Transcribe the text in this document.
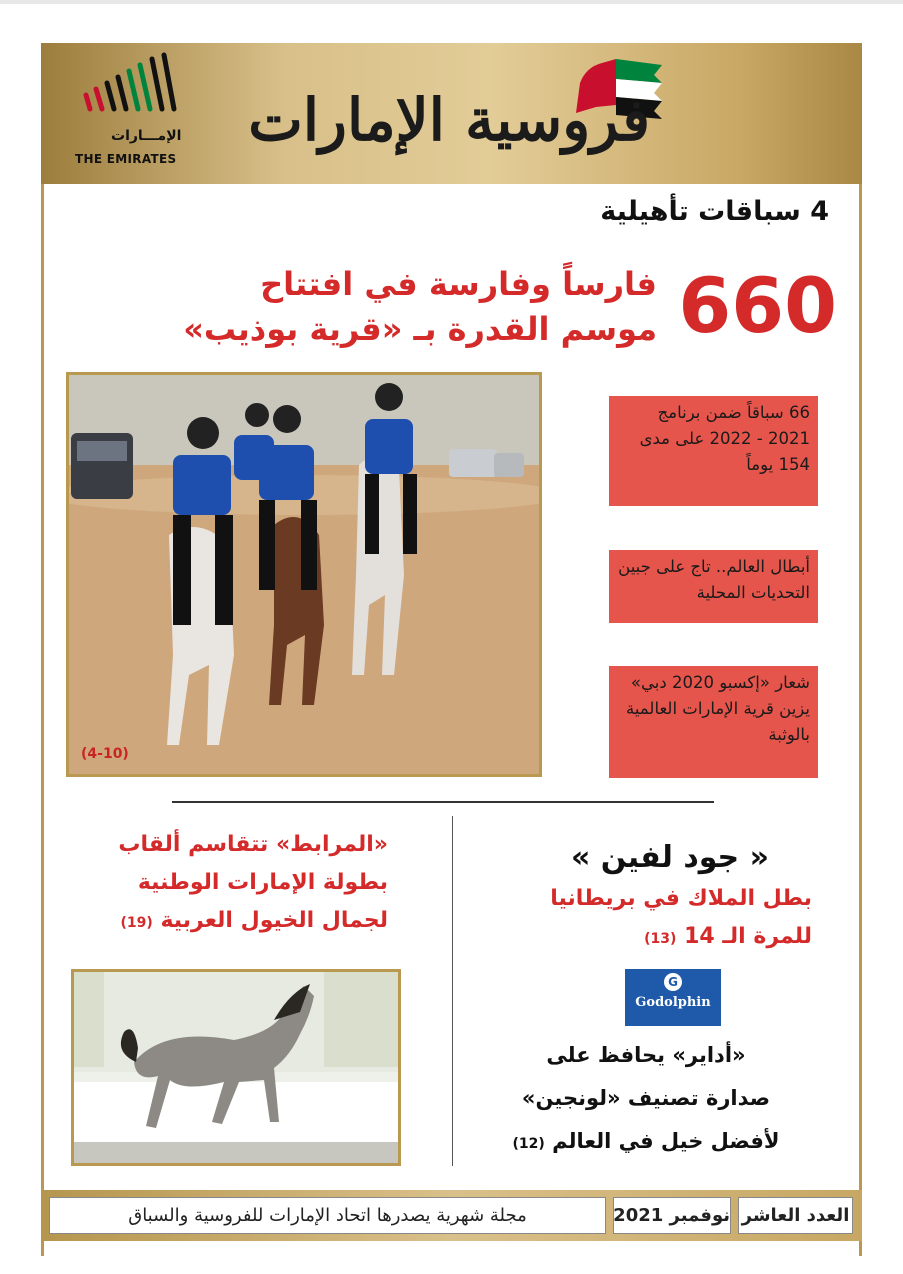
الإمـــارات
THE EMIRATES
فروسية الإمارات
4 سباقات تأهيلية
660
فارساً وفارسة في افتتاح
موسم القدرة بـ «قرية بوذيب»
(4-10)
66 سباقاً ضمن برنامج 2021 - 2022 على مدى 154 يوماً
أبطال العالم.. تاج على جبين التحديات المحلية
شعار «إكسبو 2020 دبي» يزين قرية الإمارات العالمية بالوثبة
«المرابط» تتقاسم ألقاب
بطولة الإمارات الوطنية
لجمال الخيول العربية (19)
« جود لفين »
بطل الملاك في بريطانيا
للمرة الـ 14 (13)
G
Godolphin
«أداير» يحافظ على
صدارة تصنيف «لونجين»
لأفضل خيل في العالم (12)
العدد العاشر
نوفمبر 2021
مجلة شهرية يصدرها اتحاد الإمارات للفروسية والسباق
